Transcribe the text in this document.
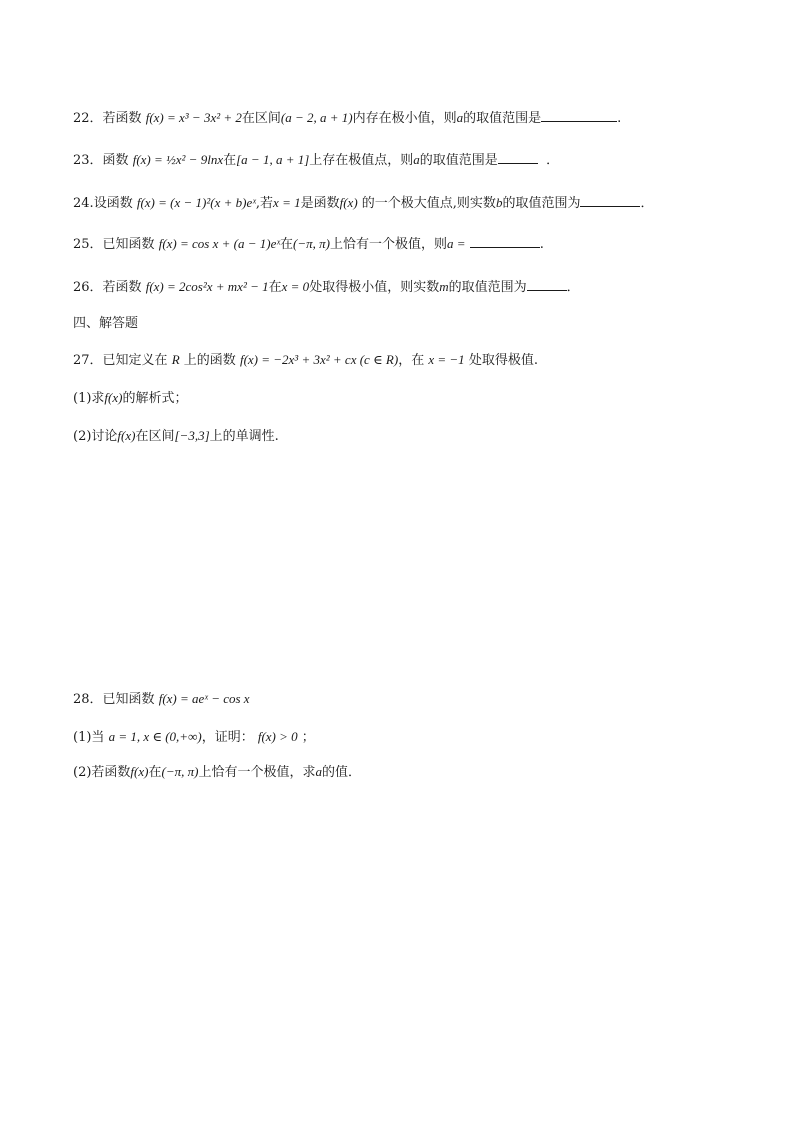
22．若函数 f(x) = x³ − 3x² + 2在区间(a − 2, a + 1)内存在极小值，则a的取值范围是	.
23．函数 f(x) = ½x² − 9lnx在[a − 1, a + 1]上存在极值点，则a的取值范围是	．
24.设函数 f(x) = (x − 1)²(x + b)eˣ,若x = 1是函数f(x) 的一个极大值点,则实数b的取值范围为	．
25．已知函数 f(x) = cos x + (a − 1)eˣ在(−π, π)上恰有一个极值，则a =	.
26．若函数 f(x) = 2cos²x + mx² − 1在x = 0处取得极小值，则实数m的取值范围为	．
四、解答题
27．已知定义在 R 上的函数 f(x) = −2x³ + 3x² + cx (c ∈ R)，在 x = −1 处取得极值.
(1)求f(x)的解析式；
(2)讨论f(x)在区间[−3,3]上的单调性.
28．已知函数 f(x) = aeˣ − cos x
(1)当 a = 1, x ∈ (0,+∞)，证明： f(x) > 0 ；
(2)若函数f(x)在(−π, π)上恰有一个极值，求a的值．
